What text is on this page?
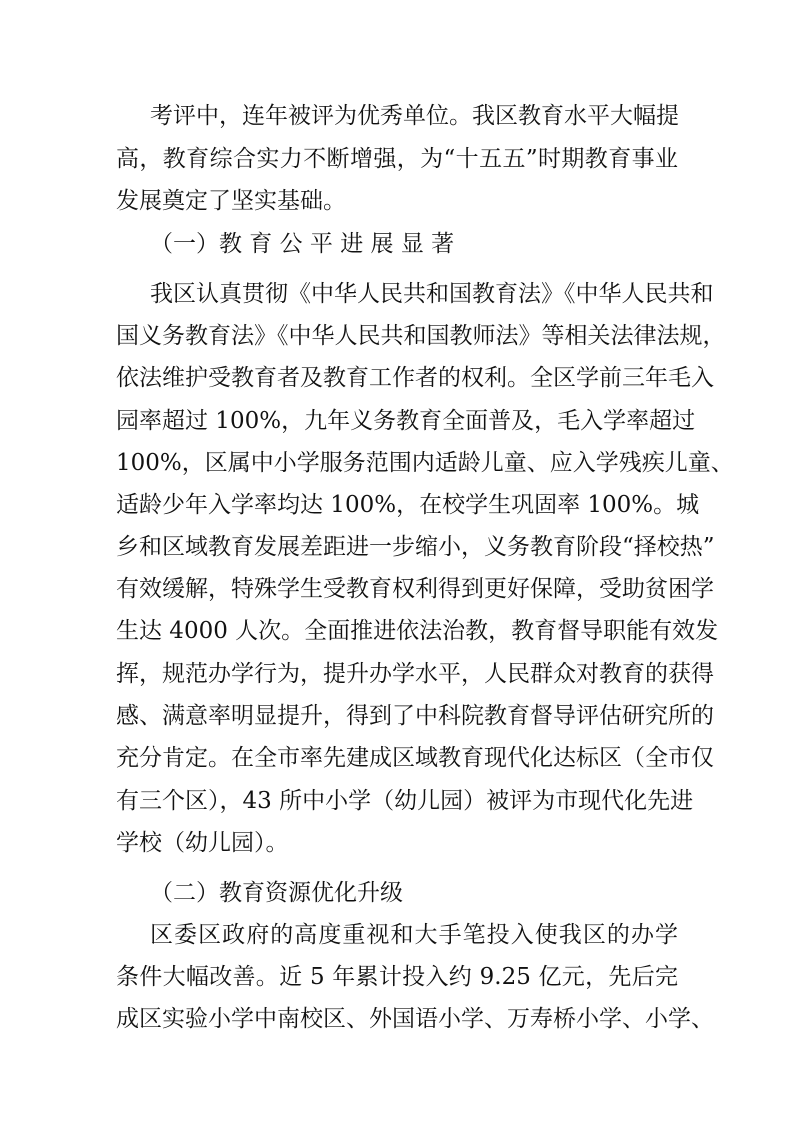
考评中，连年被评为优秀单位。我区教育水平大幅提
高，教育综合实力不断增强，为“十五五”时期教育事业
发展奠定了坚实基础。
（一）教 育 公 平 进 展 显 著
我区认真贯彻《中华人民共和国教育法》《中华人民共和
国义务教育法》《中华人民共和国教师法》等相关法律法规，
依法维护受教育者及教育工作者的权利。全区学前三年毛入
园率超过 100%，九年义务教育全面普及，毛入学率超过
100%，区属中小学服务范围内适龄儿童、应入学残疾儿童、
适龄少年入学率均达 100%，在校学生巩固率 100%。城
乡和区域教育发展差距进一步缩小，义务教育阶段“择校热”
有效缓解，特殊学生受教育权利得到更好保障，受助贫困学
生达 4000 人次。全面推进依法治教，教育督导职能有效发
挥，规范办学行为，提升办学水平，人民群众对教育的获得
感、满意率明显提升，得到了中科院教育督导评估研究所的
充分肯定。在全市率先建成区域教育现代化达标区（全市仅
有三个区），43 所中小学（幼儿园）被评为市现代化先进
学校（幼儿园）。
（二）教育资源优化升级
区委区政府的高度重视和大手笔投入使我区的办学
条件大幅改善。近 5 年累计投入约 9.25 亿元，先后完
成区实验小学中南校区、外国语小学、万寿桥小学、小学、
